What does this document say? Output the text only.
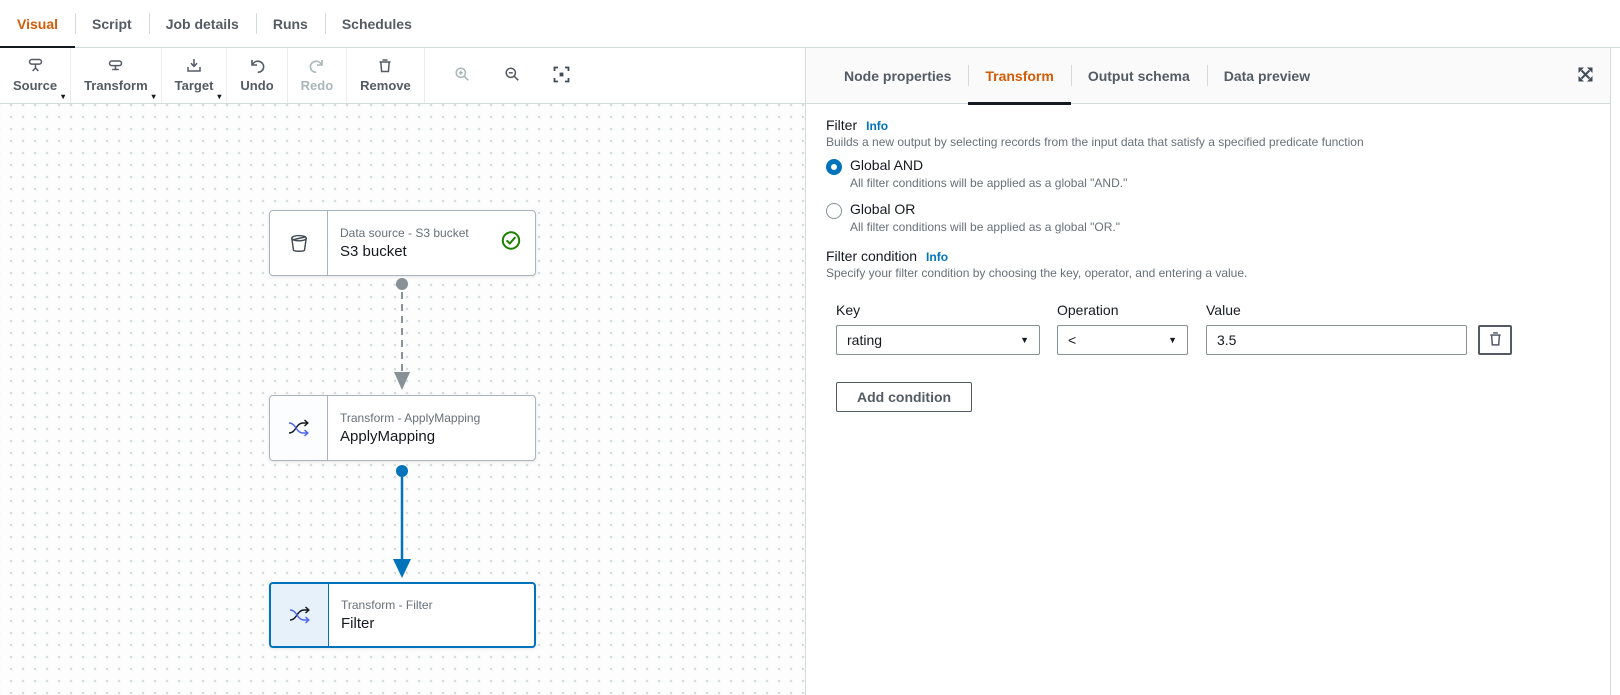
Visual	Script	Job details	Runs	Schedules
Source
▾
Transform
▾
Target
▾
Undo Redo Remove
Data source - S3 bucket
S3 bucket
Transform - ApplyMapping
ApplyMapping
Transform - Filter
Filter
Node properties	Transform	Output schema	Data preview
Filter Info
Builds a new output by selecting records from the input data that satisfy a specified predicate function
Global AND
All filter conditions will be applied as a global "AND."
Global OR
All filter conditions will be applied as a global "OR."
Filter condition Info
Specify your filter condition by choosing the key, operator, and entering a value.
Key
rating	▼
Operation
<	▼
Value
3.5
Add condition
